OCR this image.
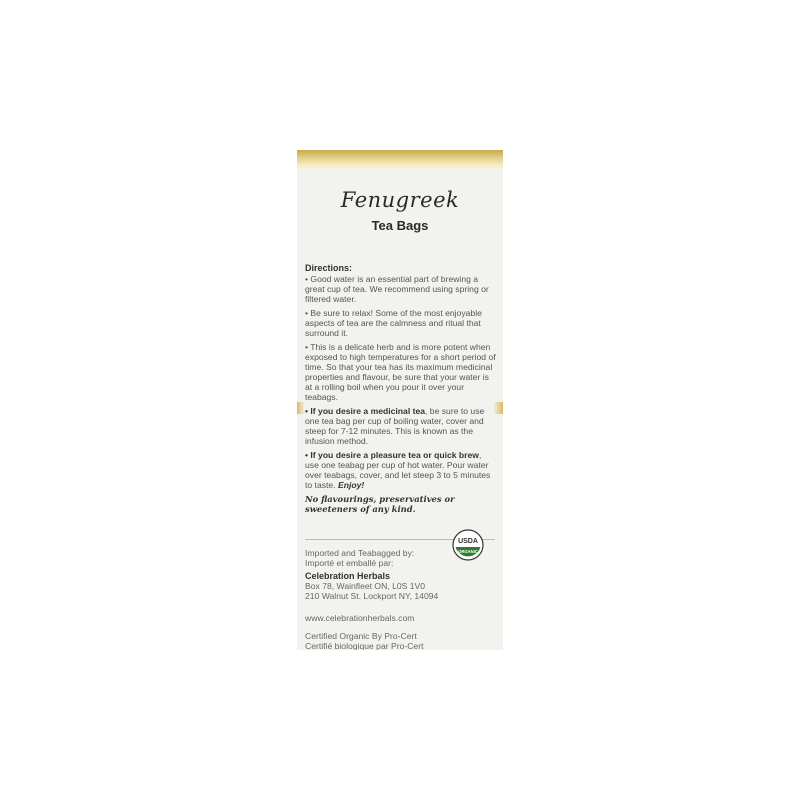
Fenugreek
Tea Bags
Directions:
• Good water is an essential part of brewing a great cup of tea. We recommend using spring or filtered water.
• Be sure to relax! Some of the most enjoyable aspects of tea are the calmness and ritual that surround it.
• This is a delicate herb and is more potent when exposed to high temperatures for a short period of time. So that your tea has its maximum medicinal properties and flavour, be sure that your water is at a rolling boil when you pour it over your teabags.
• If you desire a medicinal tea, be sure to use one tea bag per cup of boiling water, cover and steep for 7-12 minutes. This is known as the infusion method.
• If you desire a pleasure tea or quick brew, use one teabag per cup of hot water. Pour water over teabags, cover, and let steep 3 to 5 minutes to taste. Enjoy!
No flavourings, preservatives or sweeteners of any kind.
Imported and Teabagged by:
Importé et emballé par:
Celebration Herbals
Box 78, Wainfleet ON, L0S 1V0
210 Walnut St. Lockport NY, 14094
USDA
ORGANIC
www.celebrationherbals.com
Certified Organic By Pro-Cert
Certifié biologique par Pro-Cert
